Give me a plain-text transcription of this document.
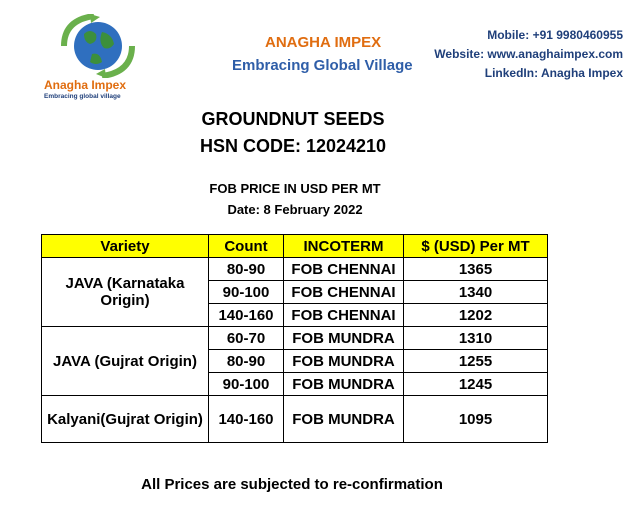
Anagha Impex
Embracing global village
ANAGHA IMPEX
Embracing Global Village
Mobile: +91 9980460955
Website: www.anaghaimpex.com
LinkedIn: Anagha Impex
GROUNDNUT SEEDS
HSN CODE: 12024210
FOB PRICE IN USD PER MT
Date: 8 February 2022
Variety	Count	INCOTERM	$ (USD) Per MT
JAVA (Karnataka Origin)	80-90	FOB CHENNAI	1365
	90-100	FOB CHENNAI	1340
	140-160	FOB CHENNAI	1202
JAVA (Gujrat Origin)	60-70	FOB MUNDRA	1310
	80-90	FOB MUNDRA	1255
	90-100	FOB MUNDRA	1245
Kalyani(Gujrat Origin)	140-160	FOB MUNDRA	1095
All Prices are subjected to re-confirmation
